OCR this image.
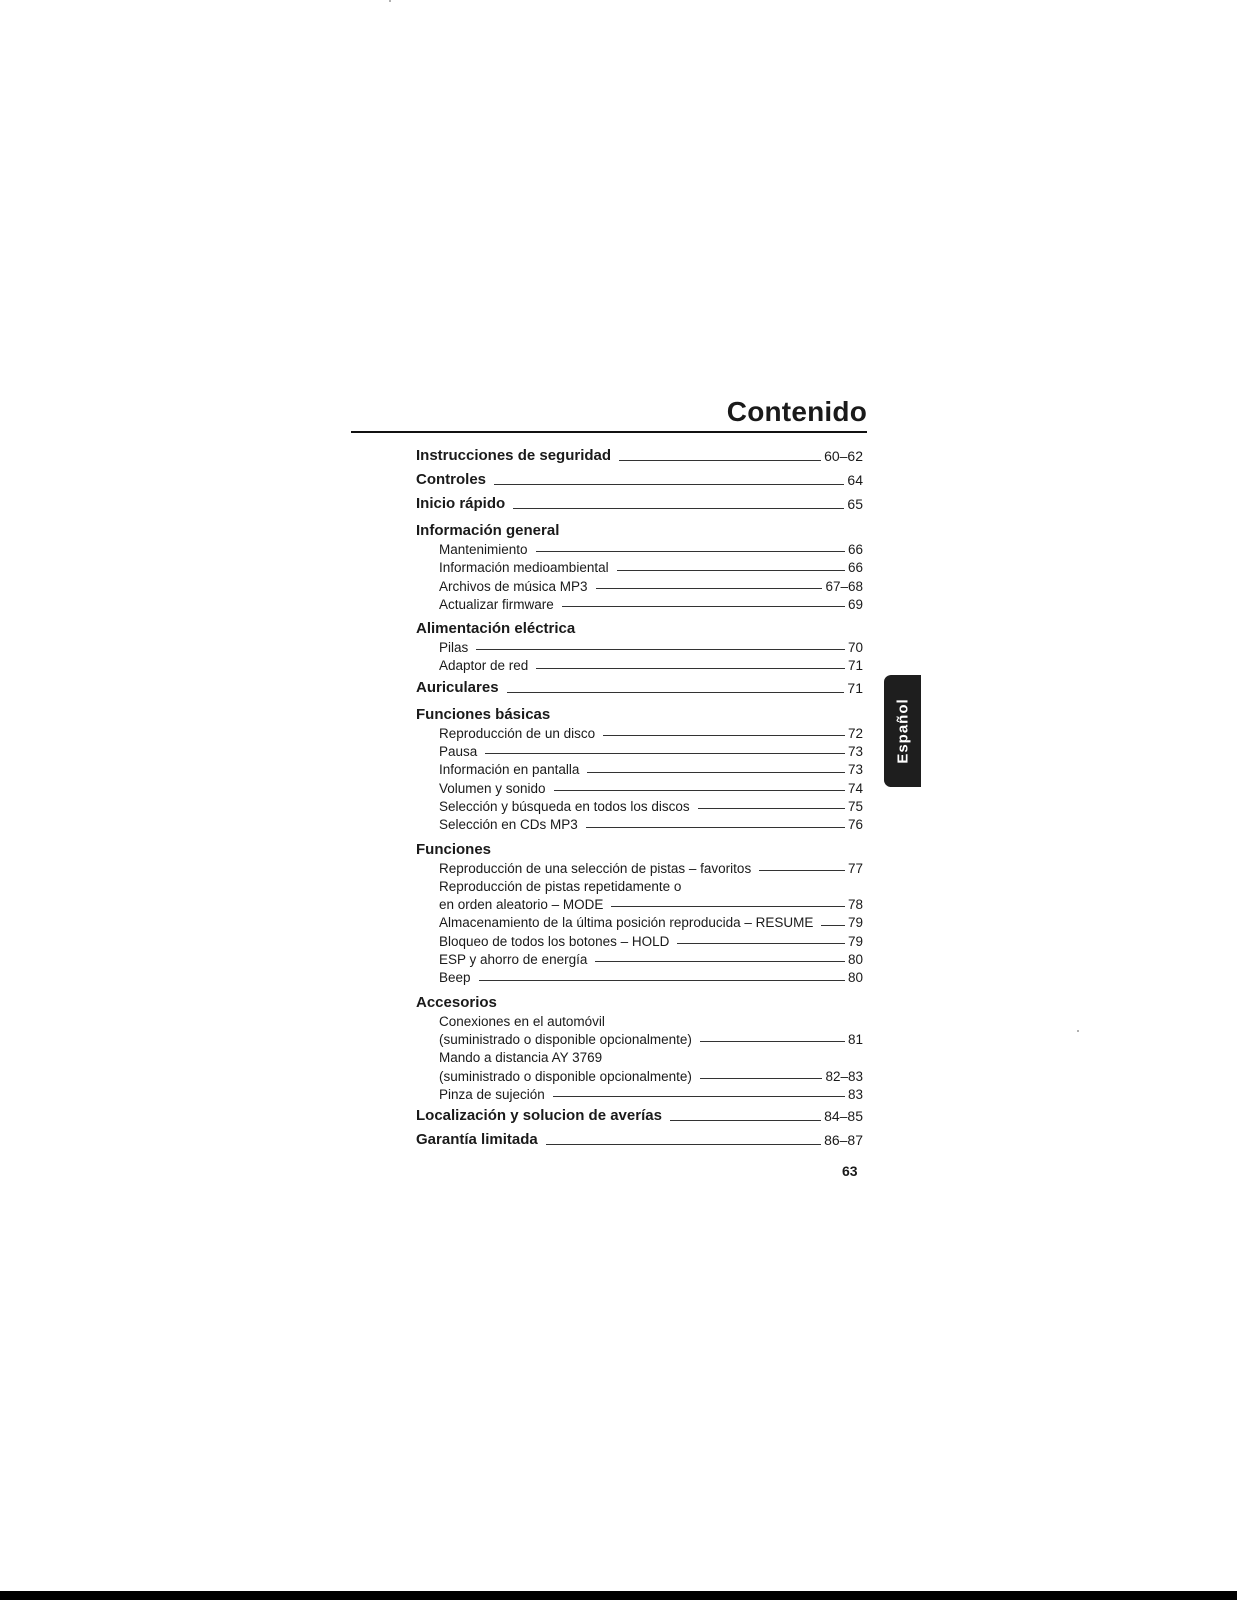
Contenido
Instrucciones de seguridad	60–62
Controles	64
Inicio rápido	65
Información general
Mantenimiento	66
Información medioambiental	66
Archivos de música MP3	67–68
Actualizar firmware	69
Alimentación eléctrica
Pilas	70
Adaptor de red	71
Auriculares	71
Funciones básicas
Reproducción de un disco	72
Pausa	73
Información en pantalla	73
Volumen y sonido	74
Selección y búsqueda en todos los discos	75
Selección en CDs MP3	76
Funciones
Reproducción de una selección de pistas – favoritos	77
Reproducción de pistas repetidamente o
en orden aleatorio – MODE	78
Almacenamiento de la última posición reproducida – RESUME	79
Bloqueo de todos los botones – HOLD	79
ESP y ahorro de energía	80
Beep	80
Accesorios
Conexiones en el automóvil
(suministrado o disponible opcionalmente)	81
Mando a distancia AY 3769
(suministrado o disponible opcionalmente)	82–83
Pinza de sujeción	83
Localización y solucion de averías	84–85
Garantía limitada	86–87
63
Español
